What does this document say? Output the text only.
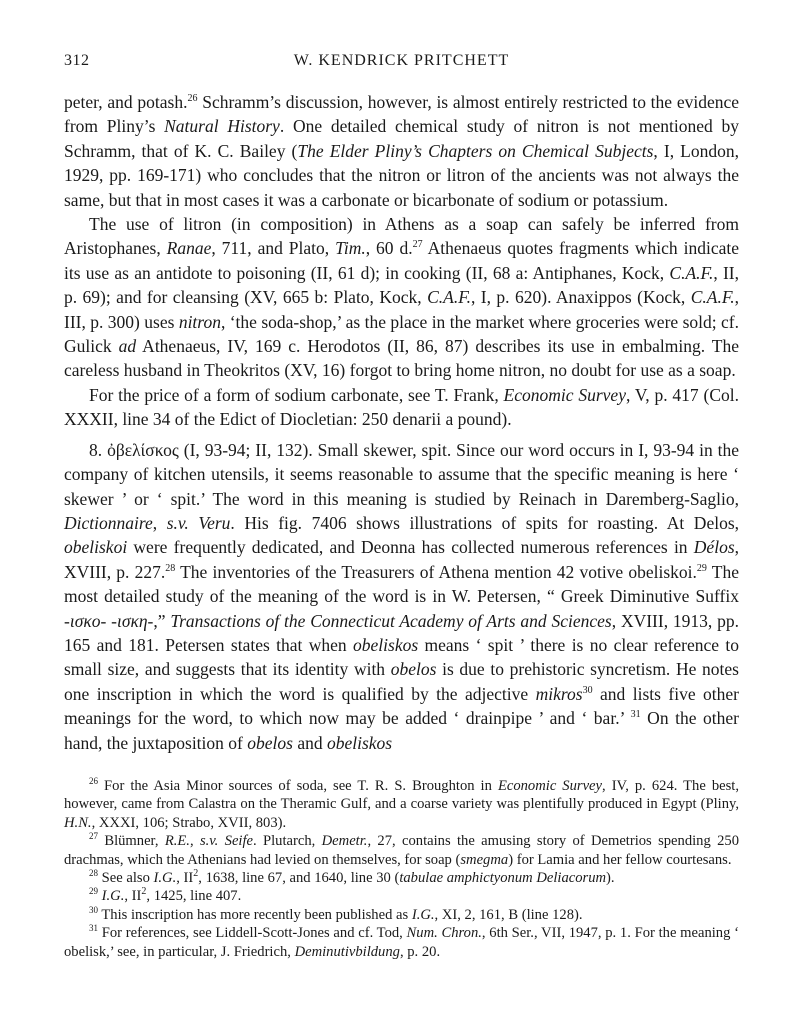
312	W. KENDRICK PRITCHETT

peter, and potash.$^{26}$ Schramm’s discussion, however, is almost entirely restricted to the evidence from Pliny’s Natural History. One detailed chemical study of nitron is not mentioned by Schramm, that of K. C. Bailey (The Elder Pliny’s Chapters on Chemical Subjects, I, London, 1929, pp. 169-171) who concludes that the nitron or litron of the ancients was not always the same, but that in most cases it was a carbonate or bicarbonate of sodium or potassium.

The use of litron (in composition) in Athens as a soap can safely be inferred from Aristophanes, Ranae, 711, and Plato, Tim., 60 d.$^{27}$ Athenaeus quotes fragments which indicate its use as an antidote to poisoning (II, 61 d); in cooking (II, 68 a: Antiphanes, Kock, C.A.F., II, p. 69); and for cleansing (XV, 665 b: Plato, Kock, C.A.F., I, p. 620). Anaxippos (Kock, C.A.F., III, p. 300) uses nitron, ‘the soda-shop,’ as the place in the market where groceries were sold; cf. Gulick ad Athenaeus, IV, 169 c. Herodotos (II, 86, 87) describes its use in embalming. The careless husband in Theokritos (XV, 16) forgot to bring home nitron, no doubt for use as a soap.

For the price of a form of sodium carbonate, see T. Frank, Economic Survey, V, p. 417 (Col. XXXII, line 34 of the Edict of Diocletian: 250 denarii a pound).

8. ὀβελίσκος (I, 93-94; II, 132). Small skewer, spit. Since our word occurs in I, 93-94 in the company of kitchen utensils, it seems reasonable to assume that the specific meaning is here ‘ skewer ’ or ‘ spit.’ The word in this meaning is studied by Reinach in Daremberg-Saglio, Dictionnaire, s.v. Veru. His fig. 7406 shows illustrations of spits for roasting. At Delos, obeliskoi were frequently dedicated, and Deonna has collected numerous references in Délos, XVIII, p. 227.28 The inventories of the Treasurers of Athena mention 42 votive obeliskoi.$^{29}$ The most detailed study of the meaning of the word is in W. Petersen, “ Greek Diminutive Suffix -ισκο- -ισκη-,” Transactions of the Connecticut Academy of Arts and Sciences, XVIII, 1913, pp. 165 and 181. Petersen states that when obeliskos means ‘ spit ’ there is no clear reference to small size, and suggests that its identity with obelos is due to prehistoric syncretism. He notes one inscription in which the word is qualified by the adjective mikros$^{30}$ and lists five other meanings for the word, to which now may be added ‘ drainpipe ’ and ‘ bar.’ $^{31}$ On the other hand, the juxtaposition of obelos and obeliskos

$^{26}$ For the Asia Minor sources of soda, see T. R. S. Broughton in Economic Survey, IV, p. 624. The best, however, came from Calastra on the Theramic Gulf, and a coarse variety was plentifully produced in Egypt (Pliny, H.N., XXXI, 106; Strabo, XVII, 803).

$^{27}$ Blümner, R.E., s.v. Seife. Plutarch, Demetr., 27, contains the amusing story of Demetrios spending 250 drachmas, which the Athenians had levied on themselves, for soap (smegma) for Lamia and her fellow courtesans.

$^{28}$ See also I.G., $II^2$, 1638, line 67, and 1640, line 30 (tabulae amphictyonum Deliacorum).

$^{29}$ I.G., $II^2$, 1425, line 407.

$^{30}$ This inscription has more recently been published as I.G., XI, 2, 161, B (line 128).

$^{31}$ For references, see Liddell-Scott-Jones and cf. Tod, Num. Chron., 6th Ser., VII, 1947, p. 1. For the meaning ‘ obelisk,’ see, in particular, J. Friedrich, Deminutivbildung, p. 20.
